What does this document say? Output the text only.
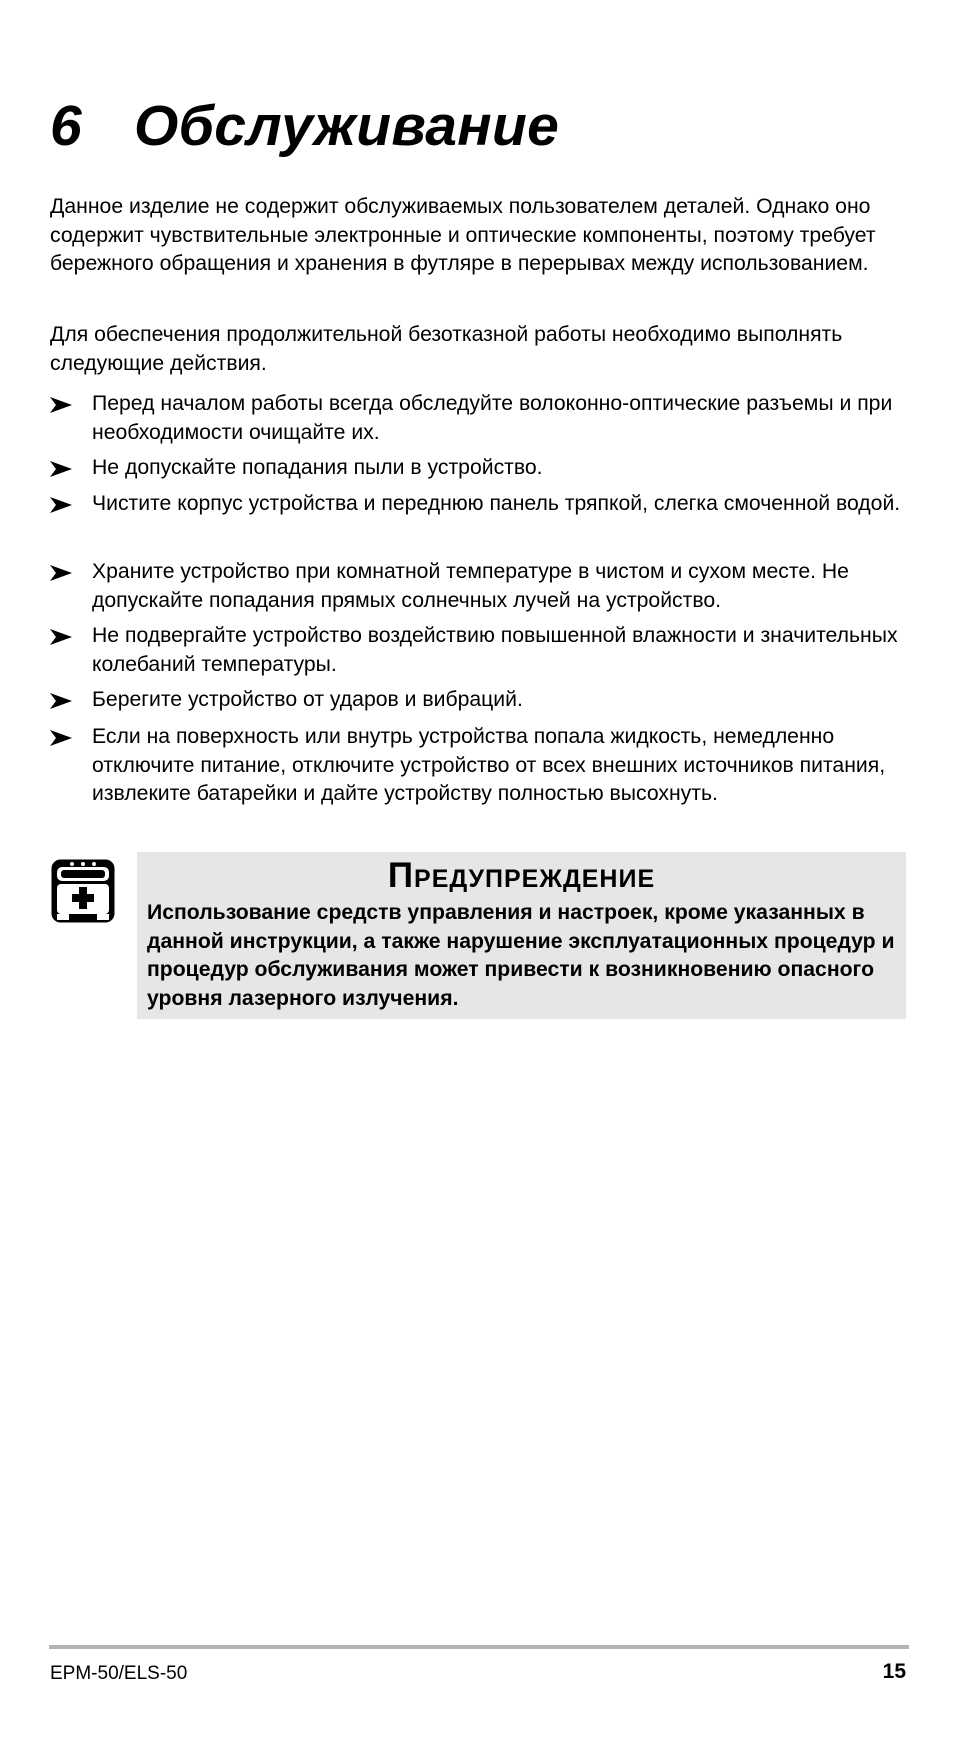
6 Обслуживание

Данное изделие не содержит обслуживаемых пользователем деталей. Однако оно содержит чувствительные электронные и оптические компоненты, поэтому требует бережного обращения и хранения в футляре в перерывах между использованием.

Для обеспечения продолжительной безотказной работы необходимо выполнять следующие действия.

Перед началом работы всегда обследуйте волоконно-оптические разъемы и при необходимости очищайте их.
Не допускайте попадания пыли в устройство.
Чистите корпус устройства и переднюю панель тряпкой, слегка смоченной водой.
Храните устройство при комнатной температуре в чистом и сухом месте. Не допускайте попадания прямых солнечных лучей на устройство.
Не подвергайте устройство воздействию повышенной влажности и значительных колебаний температуры.
Берегите устройство от ударов и вибраций.
Если на поверхность или внутрь устройства попала жидкость, немедленно отключите питание, отключите устройство от всех внешних источников питания, извлеките батарейки и дайте устройству полностью высохнуть.
Предупреждение

Использование средств управления и настроек, кроме указанных в данной инструкции, а также нарушение эксплуатационных процедур и процедур обслуживания может привести к возникновению опасного уровня лазерного излучения.

EPM-50/ELS-50	15
